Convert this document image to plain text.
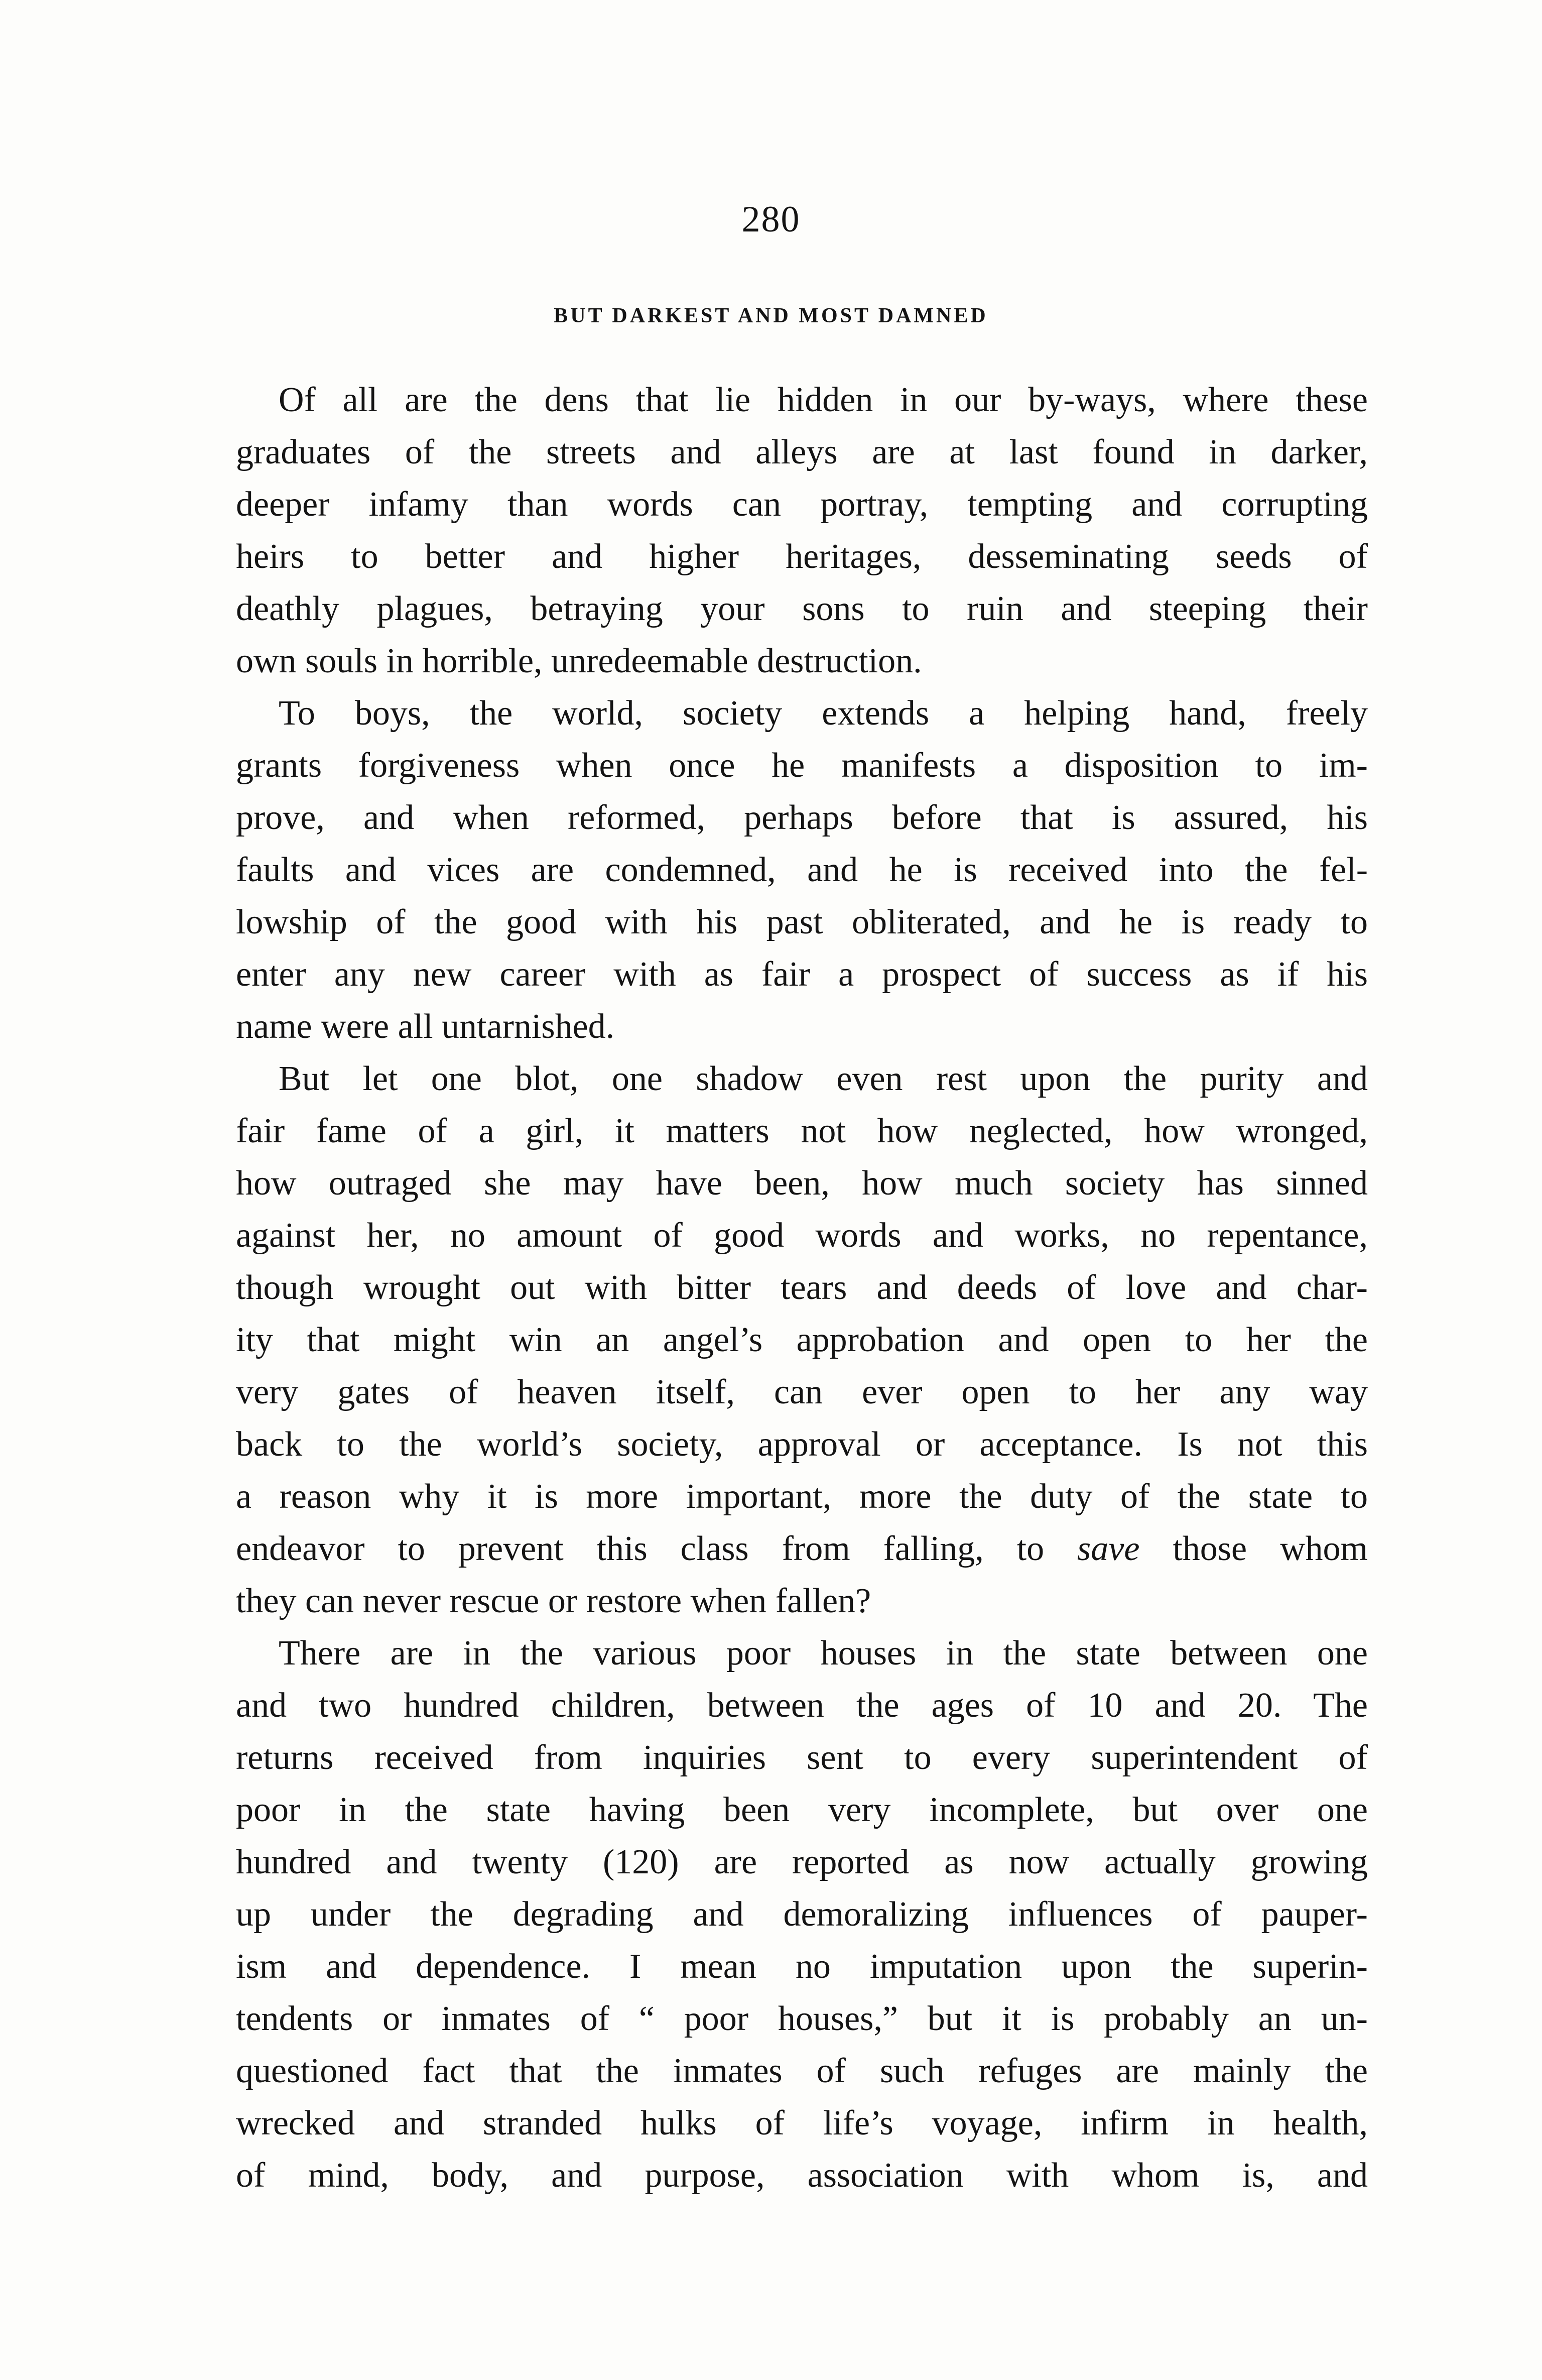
280
BUT DARKEST AND MOST DAMNED
Of all are the dens that lie hidden in our by-ways, where these
graduates of the streets and alleys are at last found in darker,
deeper infamy than words can portray, tempting and corrupting
heirs to better and higher heritages, desseminating seeds of
deathly plagues, betraying your sons to ruin and steeping their
own souls in horrible, unredeemable destruction.
To boys, the world, society extends a helping hand, freely
grants forgiveness when once he manifests a disposition to im-
prove, and when reformed, perhaps before that is assured, his
faults and vices are condemned, and he is received into the fel-
lowship of the good with his past obliterated, and he is ready to
enter any new career with as fair a prospect of success as if his
name were all untarnished.
But let one blot, one shadow even rest upon the purity and
fair fame of a girl, it matters not how neglected, how wronged,
how outraged she may have been, how much society has sinned
against her, no amount of good words and works, no repentance,
though wrought out with bitter tears and deeds of love and char-
ity that might win an angel’s approbation and open to her the
very gates of heaven itself, can ever open to her any way
back to the world’s society, approval or acceptance. Is not this
a reason why it is more important, more the duty of the state to
endeavor to prevent this class from falling, to save those whom
they can never rescue or restore when fallen?
There are in the various poor houses in the state between one
and two hundred children, between the ages of 10 and 20. The
returns received from inquiries sent to every superintendent of
poor in the state having been very incomplete, but over one
hundred and twenty (120) are reported as now actually growing
up under the degrading and demoralizing influences of pauper-
ism and dependence. I mean no imputation upon the superin-
tendents or inmates of “ poor houses,” but it is probably an un-
questioned fact that the inmates of such refuges are mainly the
wrecked and stranded hulks of life’s voyage, infirm in health,
of mind, body, and purpose, association with whom is, and
